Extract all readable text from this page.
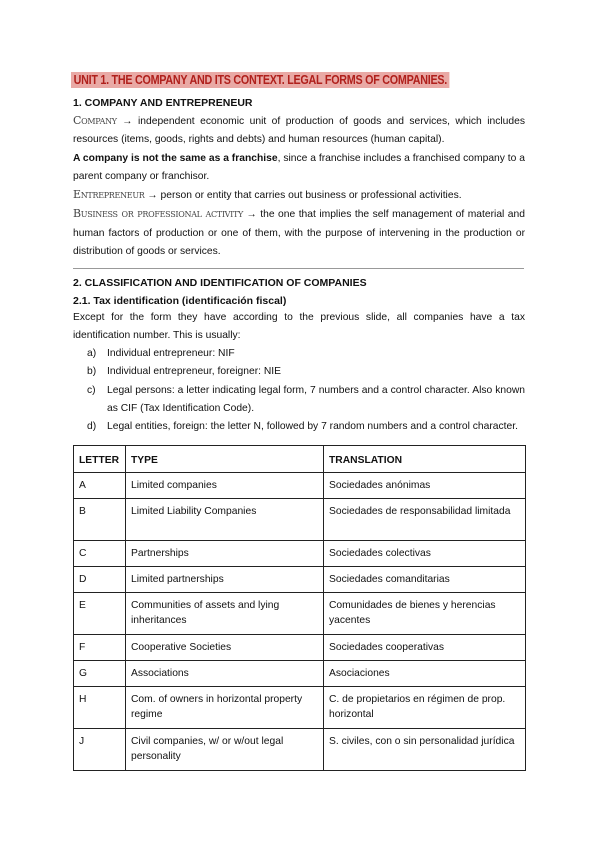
UNIT 1. THE COMPANY AND ITS CONTEXT. LEGAL FORMS OF COMPANIES.
1. COMPANY AND ENTREPRENEUR
Company → independent economic unit of production of goods and services, which includes resources (items, goods, rights and debts) and human resources (human capital).
A company is not the same as a franchise, since a franchise includes a franchised company to a parent company or franchisor.
Entrepreneur → person or entity that carries out business or professional activities.
Business or professional activity → the one that implies the self management of material and human factors of production or one of them, with the purpose of intervening in the production or distribution of goods or services.
2. CLASSIFICATION AND IDENTIFICATION OF COMPANIES
2.1. Tax identification (identificación fiscal)
Except for the form they have according to the previous slide, all companies have a tax identification number. This is usually:
a) Individual entrepreneur: NIF
b) Individual entrepreneur, foreigner: NIE
c) Legal persons: a letter indicating legal form, 7 numbers and a control character. Also known as CIF (Tax Identification Code).
d) Legal entities, foreign: the letter N, followed by 7 random numbers and a control character.
LETTER	TYPE	TRANSLATION
A	Limited companies	Sociedades anónimas
B	Limited Liability Companies	Sociedades de responsabilidad limitada
C	Partnerships	Sociedades colectivas
D	Limited partnerships	Sociedades comanditarias
E	Communities of assets and lying inheritances	Comunidades de bienes y herencias yacentes
F	Cooperative Societies	Sociedades cooperativas
G	Associations	Asociaciones
H	Com. of owners in horizontal property regime	C. de propietarios en régimen de prop. horizontal
J	Civil companies, w/ or w/out legal personality	S. civiles, con o sin personalidad jurídica
